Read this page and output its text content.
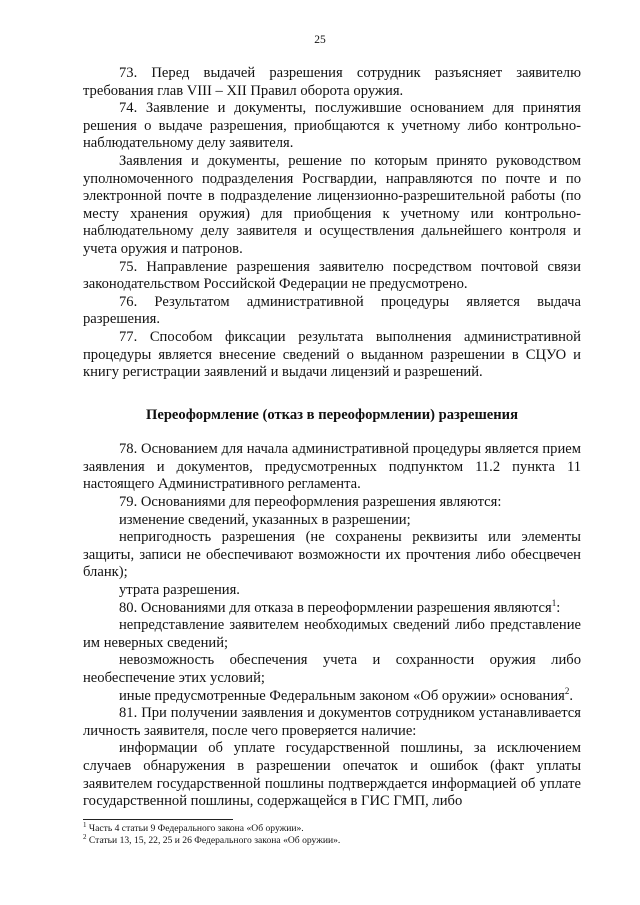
25

73. Перед выдачей разрешения сотрудник разъясняет заявителю требования глав VIII – XII Правил оборота оружия.

74. Заявление и документы, послужившие основанием для принятия решения о выдаче разрешения, приобщаются к учетному либо контрольно-наблюдательному делу заявителя.

Заявления и документы, решение по которым принято руководством уполномоченного подразделения Росгвардии, направляются по почте и по электронной почте в подразделение лицензионно-разрешительной работы (по месту хранения оружия) для приобщения к учетному или контрольно-наблюдательному делу заявителя и осуществления дальнейшего контроля и учета оружия и патронов.

75. Направление разрешения заявителю посредством почтовой связи законодательством Российской Федерации не предусмотрено.

76. Результатом административной процедуры является выдача разрешения.

77. Способом фиксации результата выполнения административной процедуры является внесение сведений о выданном разрешении в СЦУО и книгу регистрации заявлений и выдачи лицензий и разрешений.

Переоформление (отказ в переоформлении) разрешения

78. Основанием для начала административной процедуры является прием заявления и документов, предусмотренных подпунктом 11.2 пункта 11 настоящего Административного регламента.

79. Основаниями для переоформления разрешения являются:

изменение сведений, указанных в разрешении;

непригодность разрешения (не сохранены реквизиты или элементы защиты, записи не обеспечивают возможности их прочтения либо обесцвечен бланк);

утрата разрешения.

80. Основаниями для отказа в переоформлении разрешения являются$^1$:

непредставление заявителем необходимых сведений либо представление им неверных сведений;

невозможность обеспечения учета и сохранности оружия либо необеспечение этих условий;

иные предусмотренные Федеральным законом «Об оружии» основания$^2$.

81. При получении заявления и документов сотрудником устанавливается личность заявителя, после чего проверяется наличие:

информации об уплате государственной пошлины, за исключением случаев обнаружения в разрешении опечаток и ошибок (факт уплаты заявителем государственной пошлины подтверждается информацией об уплате государственной пошлины, содержащейся в ГИС ГМП, либо

$^1$ Часть 4 статьи 9 Федерального закона «Об оружии».
$^2$ Статьи 13, 15, 22, 25 и 26 Федерального закона «Об оружии».
